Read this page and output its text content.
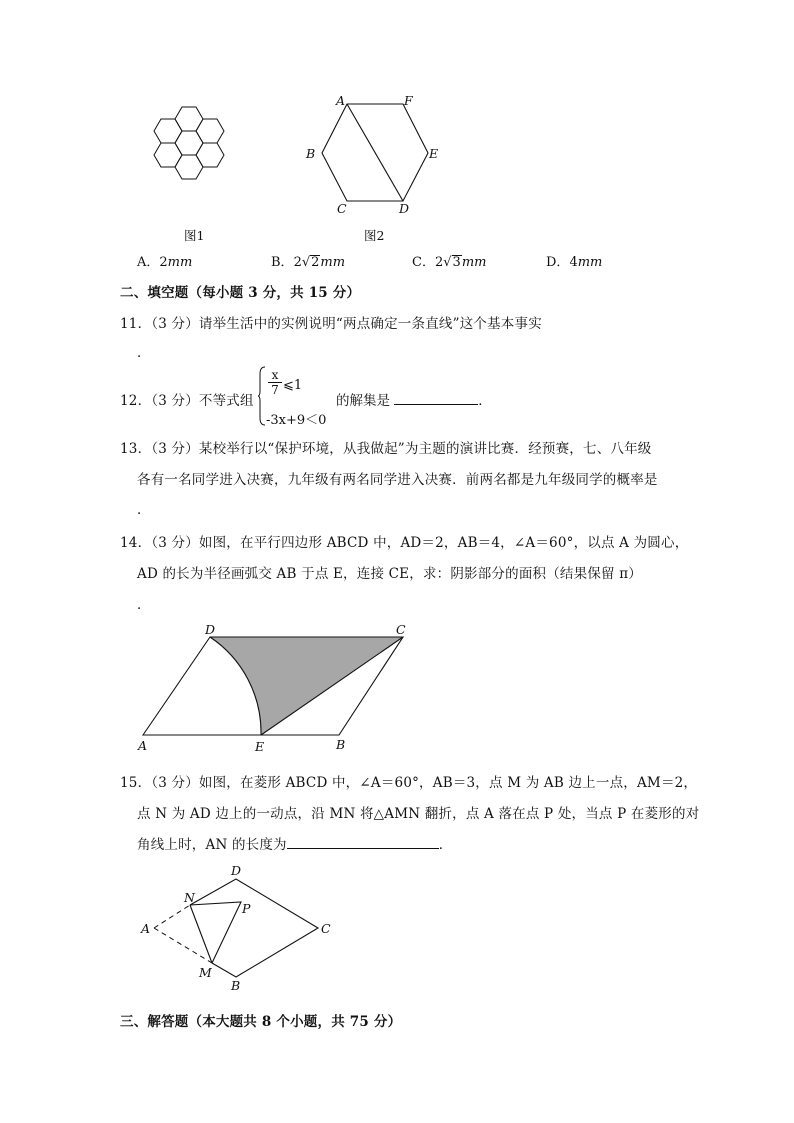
图1
A	F
B	E
C	D
图2
A．2mm	B．2√2mm	C．2√3mm	D．4mm
二、填空题（每小题 3 分，共 15 分）
11．（3 分）请举生活中的实例说明“两点确定一条直线”这个基本事实
．
12．（3 分）不等式组
x
7 ⩽1
-3x+9＜0
的解集是	．
13．（3 分）某校举行以“保护环境，从我做起”为主题的演讲比赛．经预赛，七、八年级
各有一名同学进入决赛，九年级有两名同学进入决赛．前两名都是九年级同学的概率是
．
14．（3 分）如图，在平行四边形 ABCD 中，AD＝2，AB＝4，∠A＝60°，以点 A 为圆心，
AD 的长为半径画弧交 AB 于点 E，连接 CE，求：阴影部分的面积（结果保留 π）
．
D	C
A	E	B
15．（3 分）如图，在菱形 ABCD 中，∠A＝60°，AB＝3，点 M 为 AB 边上一点，AM＝2，
点 N 为 AD 边上的一动点，沿 MN 将△AMN 翻折，点 A 落在点 P 处，当点 P 在菱形的对
角线上时，AN 的长度为	．
D
N
P
A	C
M
B
三、解答题（本大题共 8 个小题，共 75 分）
